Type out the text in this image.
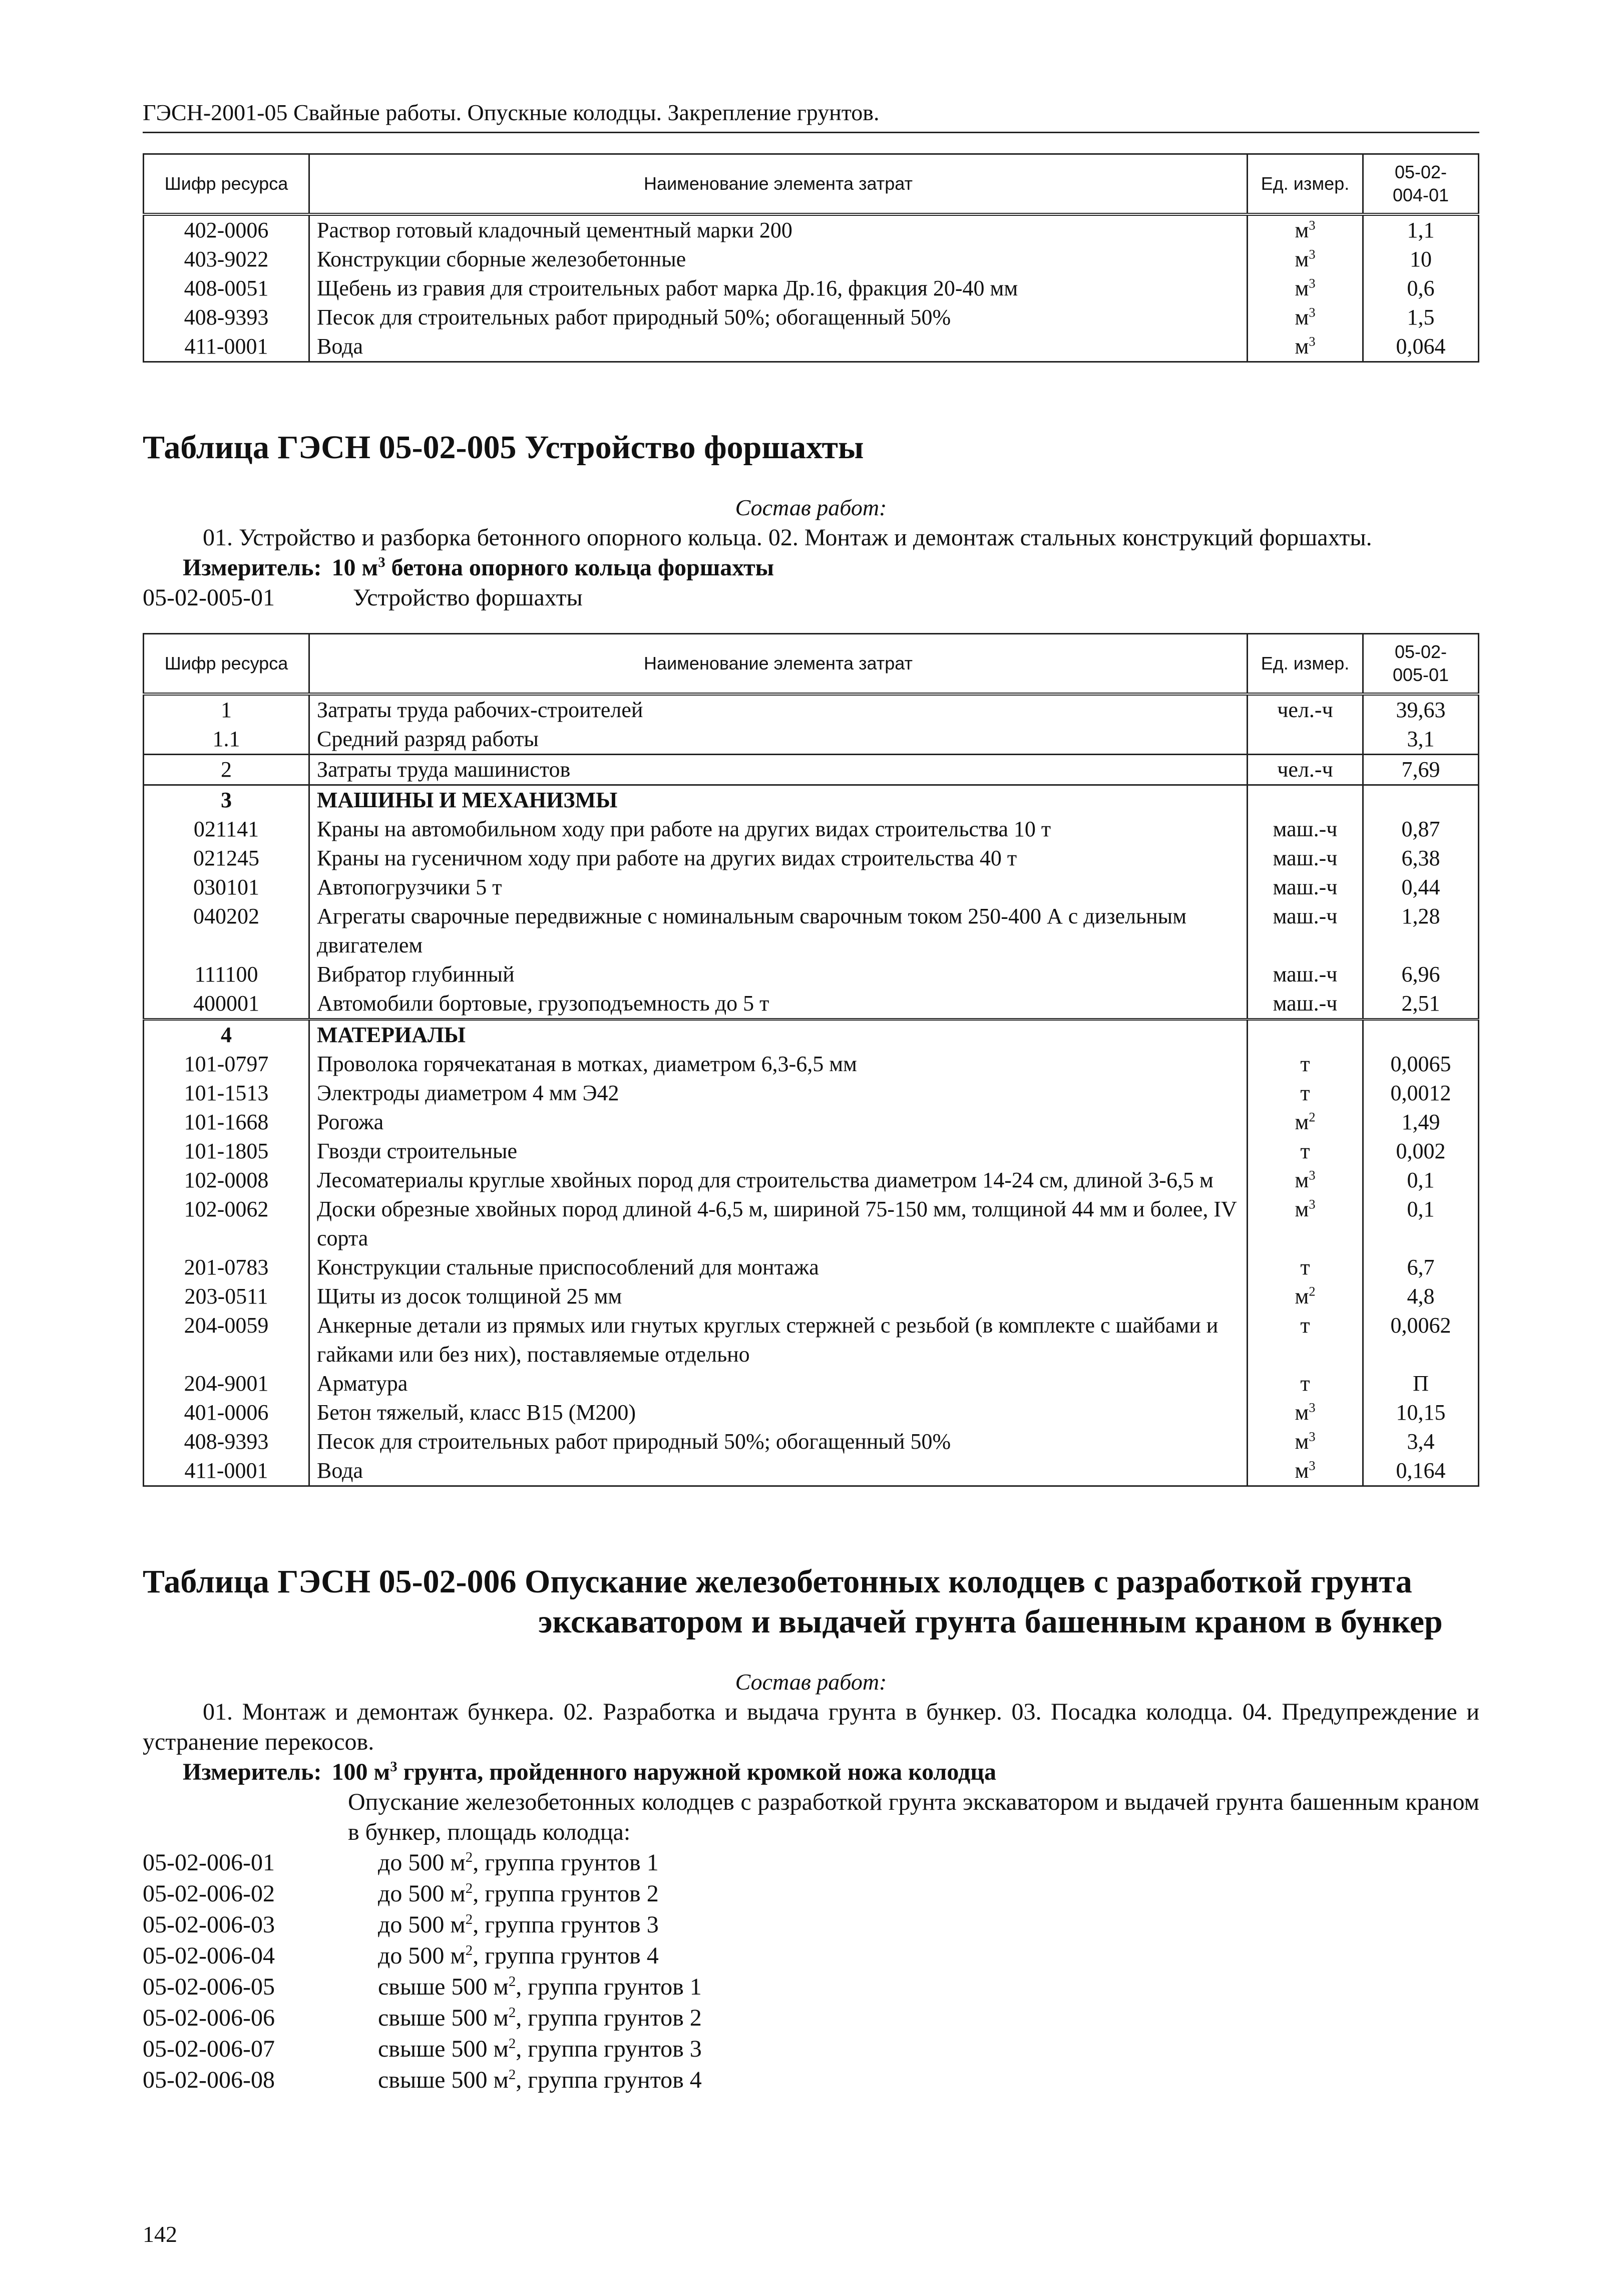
ГЭСН-2001-05 Свайные работы. Опускные колодцы. Закрепление грунтов.
Шифр ресурса	Наименование элемента затрат	Ед. измер.	05-02-
004-01
402-0006	Раствор готовый кладочный цементный марки 200	$м^3$	1,1
403-9022	Конструкции сборные железобетонные	$м^3$	10
408-0051	Щебень из гравия для строительных работ марка Др.16, фракция 20-40 мм	$м^3$	0,6
408-9393	Песок для строительных работ природный 50%; обогащенный 50%	$м^3$	1,5
411-0001	Вода	$м^3$	0,064
Таблица ГЭСН 05-02-005 Устройство форшахты
Состав работ:
01. Устройство и разборка бетонного опорного кольца. 02. Монтаж и демонтаж стальных конструкций форшахты.
Измеритель: 10 $м^3$ бетона опорного кольца форшахты
05-02-005-01	Устройство форшахты
Шифр ресурса	Наименование элемента затрат	Ед. измер.	05-02-
005-01
1	Затраты труда рабочих-строителей	чел.-ч	39,63
1.1	Средний разряд работы		3,1
2	Затраты труда машинистов	чел.-ч	7,69
3	МАШИНЫ И МЕХАНИЗМЫ		
021141	Краны на автомобильном ходу при работе на других видах строительства 10 т	маш.-ч	0,87
021245	Краны на гусеничном ходу при работе на других видах строительства 40 т	маш.-ч	6,38
030101	Автопогрузчики 5 т	маш.-ч	0,44
040202	Агрегаты сварочные передвижные с номинальным сварочным током 250-400 А с дизельным двигателем	маш.-ч	1,28
111100	Вибратор глубинный	маш.-ч	6,96
400001	Автомобили бортовые, грузоподъемность до 5 т	маш.-ч	2,51
4	МАТЕРИАЛЫ		
101-0797	Проволока горячекатаная в мотках, диаметром 6,3-6,5 мм	т	0,0065
101-1513	Электроды диаметром 4 мм Э42	т	0,0012
101-1668	Рогожа	$м^2$	1,49
101-1805	Гвозди строительные	т	0,002
102-0008	Лесоматериалы круглые хвойных пород для строительства диаметром 14-24 см, длиной 3-6,5 м	$м^3$	0,1
102-0062	Доски обрезные хвойных пород длиной 4-6,5 м, шириной 75-150 мм, толщиной 44 мм и более, IV сорта	$м^3$	0,1
201-0783	Конструкции стальные приспособлений для монтажа	т	6,7
203-0511	Щиты из досок толщиной 25 мм	$м^2$	4,8
204-0059	Анкерные детали из прямых или гнутых круглых стержней с резьбой (в комплекте с шайбами и гайками или без них), поставляемые отдельно	т	0,0062
204-9001	Арматура	т	П
401-0006	Бетон тяжелый, класс В15 (М200)	$м^3$	10,15
408-9393	Песок для строительных работ природный 50%; обогащенный 50%	$м^3$	3,4
411-0001	Вода	$м^3$	0,164
Таблица ГЭСН 05-02-006 Опускание железобетонных колодцев с разработкой грунта
экскаватором и выдачей грунта башенным краном в бункер
Состав работ:
01. Монтаж и демонтаж бункера. 02. Разработка и выдача грунта в бункер. 03. Посадка колодца. 04. Предупреждение и устранение перекосов.
Измеритель: 100 $м^3$ грунта, пройденного наружной кромкой ножа колодца
Опускание железобетонных колодцев с разработкой грунта экскаватором и выдачей грунта башенным краном в бункер, площадь колодца:
05-02-006-01	до 500 $м^2$, группа грунтов 1
05-02-006-02	до 500 $м^2$, группа грунтов 2
05-02-006-03	до 500 $м^2$, группа грунтов 3
05-02-006-04	до 500 $м^2$, группа грунтов 4
05-02-006-05	свыше 500 $м^2$, группа грунтов 1
05-02-006-06	свыше 500 $м^2$, группа грунтов 2
05-02-006-07	свыше 500 $м^2$, группа грунтов 3
05-02-006-08	свыше 500 $м^2$, группа грунтов 4
142
